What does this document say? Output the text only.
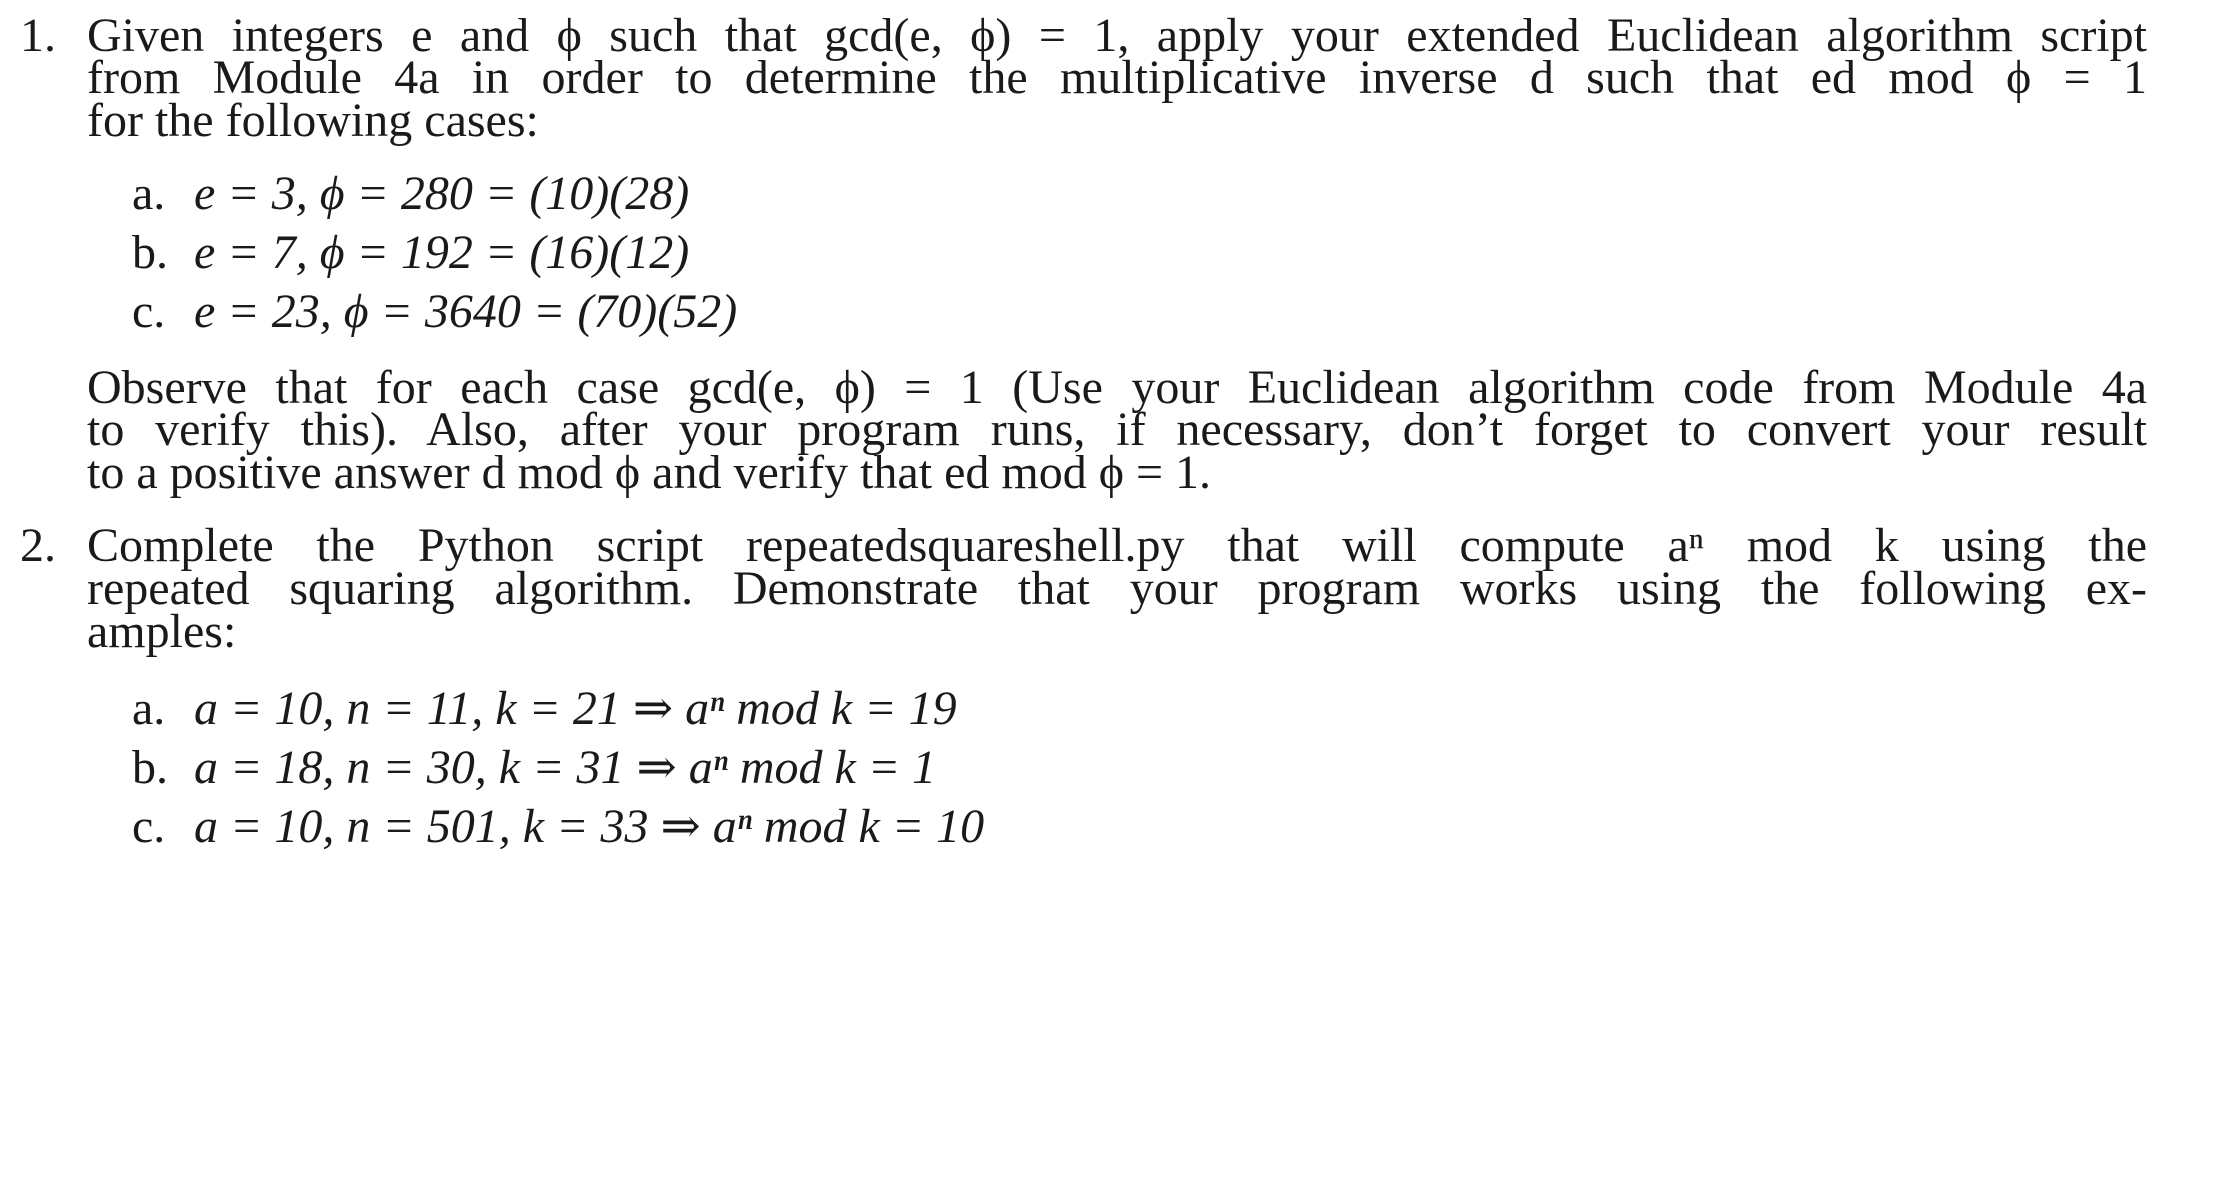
1. Given integers e and ϕ such that gcd(e, ϕ) = 1, apply your extended Euclidean algorithm script
from Module 4a in order to determine the multiplicative inverse d such that ed mod ϕ = 1
for the following cases:
a. e = 3, ϕ = 280 = (10)(28)
b. e = 7, ϕ = 192 = (16)(12)
c. e = 23, ϕ = 3640 = (70)(52)
Observe that for each case gcd(e, ϕ) = 1 (Use your Euclidean algorithm code from Module 4a
to verify this). Also, after your program runs, if necessary, don’t forget to convert your result
to a positive answer d mod ϕ and verify that ed mod ϕ = 1.
2. Complete the Python script repeatedsquareshell.py that will compute aⁿ mod k using the
repeated squaring algorithm. Demonstrate that your program works using the following ex-
amples:
a. a = 10, n = 11, k = 21 ⇒ aⁿ mod k = 19
b. a = 18, n = 30, k = 31 ⇒ aⁿ mod k = 1
c. a = 10, n = 501, k = 33 ⇒ aⁿ mod k = 10
